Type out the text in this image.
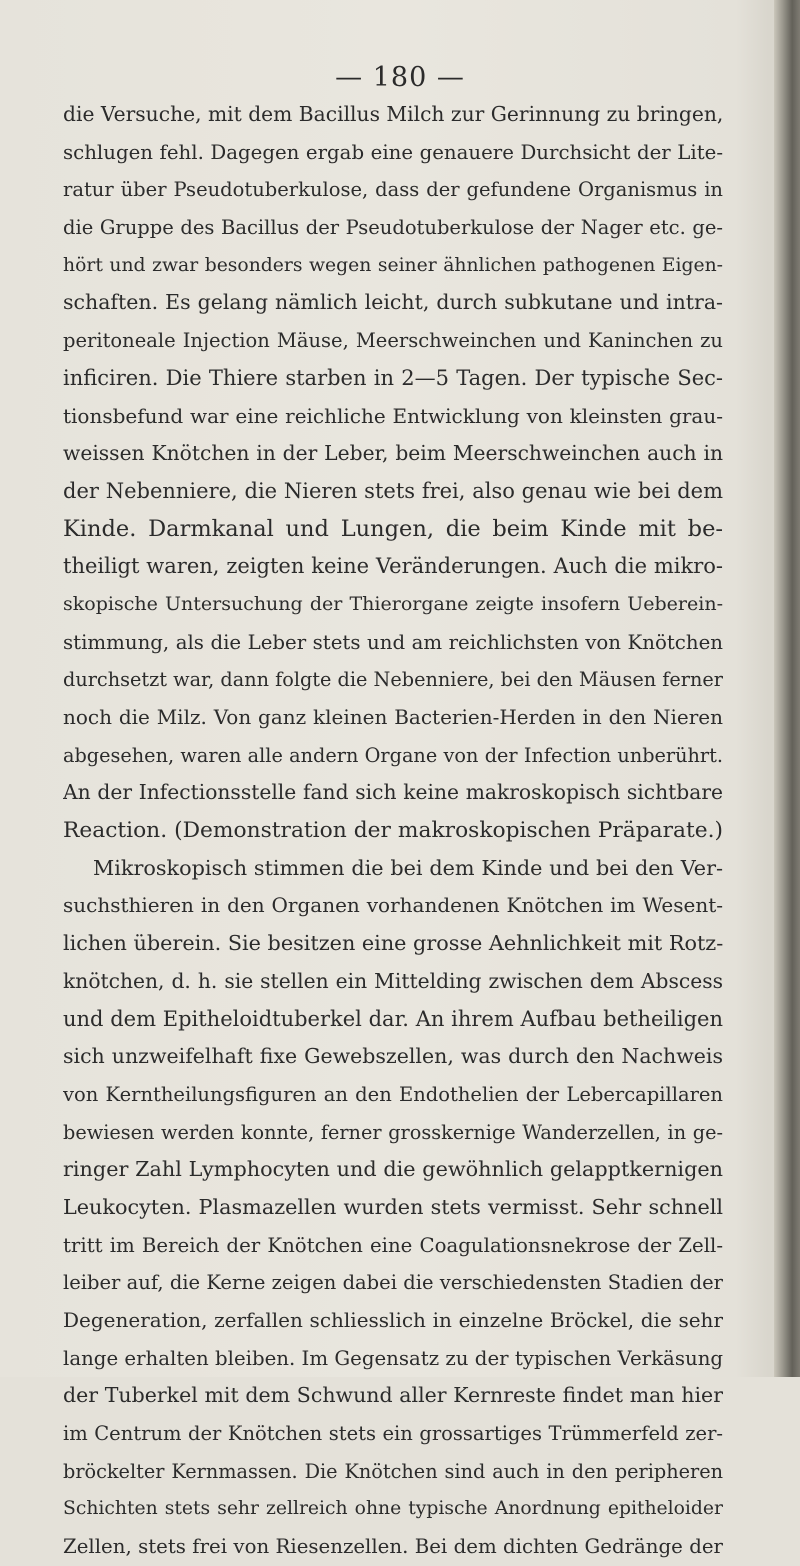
— 180 —
die Versuche, mit dem Bacillus Milch zur Gerinnung zu bringen,
schlugen fehl. Dagegen ergab eine genauere Durchsicht der Lite-
ratur über Pseudotuberkulose, dass der gefundene Organismus in
die Gruppe des Bacillus der Pseudotuberkulose der Nager etc. ge-
hört und zwar besonders wegen seiner ähnlichen pathogenen Eigen-
schaften. Es gelang nämlich leicht, durch subkutane und intra-
peritoneale Injection Mäuse, Meerschweinchen und Kaninchen zu
inficiren. Die Thiere starben in 2—5 Tagen. Der typische Sec-
tionsbefund war eine reichliche Entwicklung von kleinsten grau-
weissen Knötchen in der Leber, beim Meerschweinchen auch in
der Nebenniere, die Nieren stets frei, also genau wie bei dem
Kinde. Darmkanal und Lungen, die beim Kinde mit be-
theiligt waren, zeigten keine Veränderungen. Auch die mikro-
skopische Untersuchung der Thierorgane zeigte insofern Ueberein-
stimmung, als die Leber stets und am reichlichsten von Knötchen
durchsetzt war, dann folgte die Nebenniere, bei den Mäusen ferner
noch die Milz. Von ganz kleinen Bacterien-Herden in den Nieren
abgesehen, waren alle andern Organe von der Infection unberührt.
An der Infectionsstelle fand sich keine makroskopisch sichtbare
Reaction. (Demonstration der makroskopischen Präparate.)
Mikroskopisch stimmen die bei dem Kinde und bei den Ver-
suchsthieren in den Organen vorhandenen Knötchen im Wesent-
lichen überein. Sie besitzen eine grosse Aehnlichkeit mit Rotz-
knötchen, d. h. sie stellen ein Mittelding zwischen dem Abscess
und dem Epitheloidtuberkel dar. An ihrem Aufbau betheiligen
sich unzweifelhaft fixe Gewebszellen, was durch den Nachweis
von Kerntheilungsfiguren an den Endothelien der Lebercapillaren
bewiesen werden konnte, ferner grosskernige Wanderzellen, in ge-
ringer Zahl Lymphocyten und die gewöhnlich gelapptkernigen
Leukocyten. Plasmazellen wurden stets vermisst. Sehr schnell
tritt im Bereich der Knötchen eine Coagulationsnekrose der Zell-
leiber auf, die Kerne zeigen dabei die verschiedensten Stadien der
Degeneration, zerfallen schliesslich in einzelne Bröckel, die sehr
lange erhalten bleiben. Im Gegensatz zu der typischen Verkäsung
der Tuberkel mit dem Schwund aller Kernreste findet man hier
im Centrum der Knötchen stets ein grossartiges Trümmerfeld zer-
bröckelter Kernmassen. Die Knötchen sind auch in den peripheren
Schichten stets sehr zellreich ohne typische Anordnung epitheloider
Zellen, stets frei von Riesenzellen. Bei dem dichten Gedränge der
